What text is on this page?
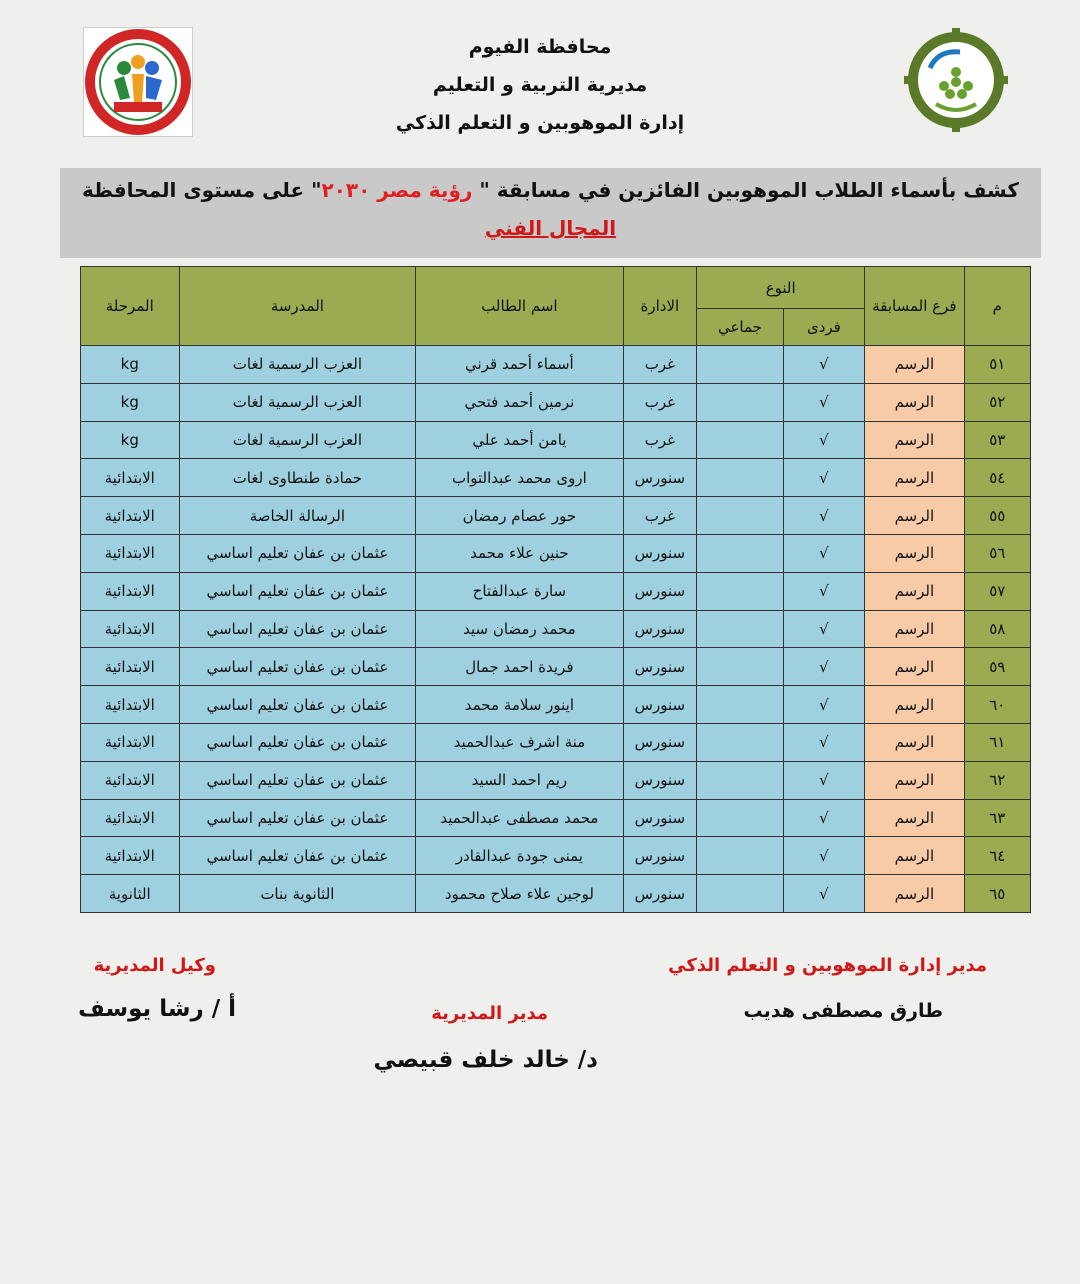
محافظة الفيوم
مديرية التربية و التعليم
إدارة الموهوبين و التعلم الذكي
كشف بأسماء الطلاب الموهوبين الفائزين في مسابقة " رؤية مصر ٢٠٣٠" على مستوى المحافظة
المجال الفني
م	فرع المسابقة	النوع		الادارة	اسم الطالب	المدرسة	المرحلة
		فردى	جماعي				
٥١	الرسم	√		غرب	أسماء أحمد قرني	العزب الرسمية لغات	kg
٥٢	الرسم	√		غرب	نرمين أحمد فتحي	العزب الرسمية لغات	kg
٥٣	الرسم	√		غرب	يامن أحمد علي	العزب الرسمية لغات	kg
٥٤	الرسم	√		سنورس	اروى محمد عبدالتواب	حمادة طنطاوى لغات	الابتدائية
٥٥	الرسم	√		غرب	حور عصام رمضان	الرسالة الخاصة	الابتدائية
٥٦	الرسم	√		سنورس	حنين علاء محمد	عثمان بن عفان تعليم اساسي	الابتدائية
٥٧	الرسم	√		سنورس	سارة عبدالفتاح	عثمان بن عفان تعليم اساسي	الابتدائية
٥٨	الرسم	√		سنورس	محمد رمضان سيد	عثمان بن عفان تعليم اساسي	الابتدائية
٥٩	الرسم	√		سنورس	فريدة احمد جمال	عثمان بن عفان تعليم اساسي	الابتدائية
٦٠	الرسم	√		سنورس	اينور سلامة محمد	عثمان بن عفان تعليم اساسي	الابتدائية
٦١	الرسم	√		سنورس	منة اشرف عبدالحميد	عثمان بن عفان تعليم اساسي	الابتدائية
٦٢	الرسم	√		سنورس	ريم احمد السيد	عثمان بن عفان تعليم اساسي	الابتدائية
٦٣	الرسم	√		سنورس	محمد مصطفى عبدالحميد	عثمان بن عفان تعليم اساسي	الابتدائية
٦٤	الرسم	√		سنورس	يمنى جودة عبدالقادر	عثمان بن عفان تعليم اساسي	الابتدائية
٦٥	الرسم	√		سنورس	لوجين علاء صلاح محمود	الثانوية بنات	الثانوية
مدير إدارة الموهوبين و التعلم الذكي
طارق مصطفى هديب
وكيل المديرية
أ / رشا يوسف	مدير المديرية
د/ خالد خلف قبيصي
